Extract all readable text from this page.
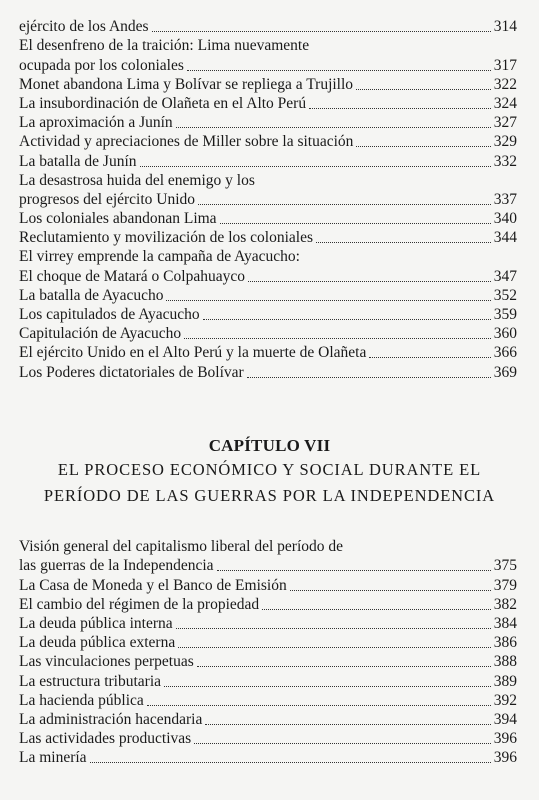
ejército de los Andes	314
El desenfreno de la traición: Lima nuevamente
ocupada por los coloniales	317
Monet abandona Lima y Bolívar se repliega a Trujillo	322
La insubordinación de Olañeta en el Alto Perú	324
La aproximación a Junín	327
Actividad y apreciaciones de Miller sobre la situación	329
La batalla de Junín	332
La desastrosa huida del enemigo y los
progresos del ejército Unido	337
Los coloniales abandonan Lima	340
Reclutamiento y movilización de los coloniales	344
El virrey emprende la campaña de Ayacucho:
El choque de Matará o Colpahuayco	347
La batalla de Ayacucho	352
Los capitulados de Ayacucho	359
Capitulación de Ayacucho	360
El ejército Unido en el Alto Perú y la muerte de Olañeta	366
Los Poderes dictatoriales de Bolívar	369
CAPÍTULO VII
EL PROCESO ECONÓMICO Y SOCIAL DURANTE EL
PERÍODO DE LAS GUERRAS POR LA INDEPENDENCIA
Visión general del capitalismo liberal del período de
las guerras de la Independencia	375
La Casa de Moneda y el Banco de Emisión	379
El cambio del régimen de la propiedad	382
La deuda pública interna	384
La deuda pública externa	386
Las vinculaciones perpetuas	388
La estructura tributaria	389
La hacienda pública	392
La administración hacendaria	394
Las actividades productivas	396
La minería	396
